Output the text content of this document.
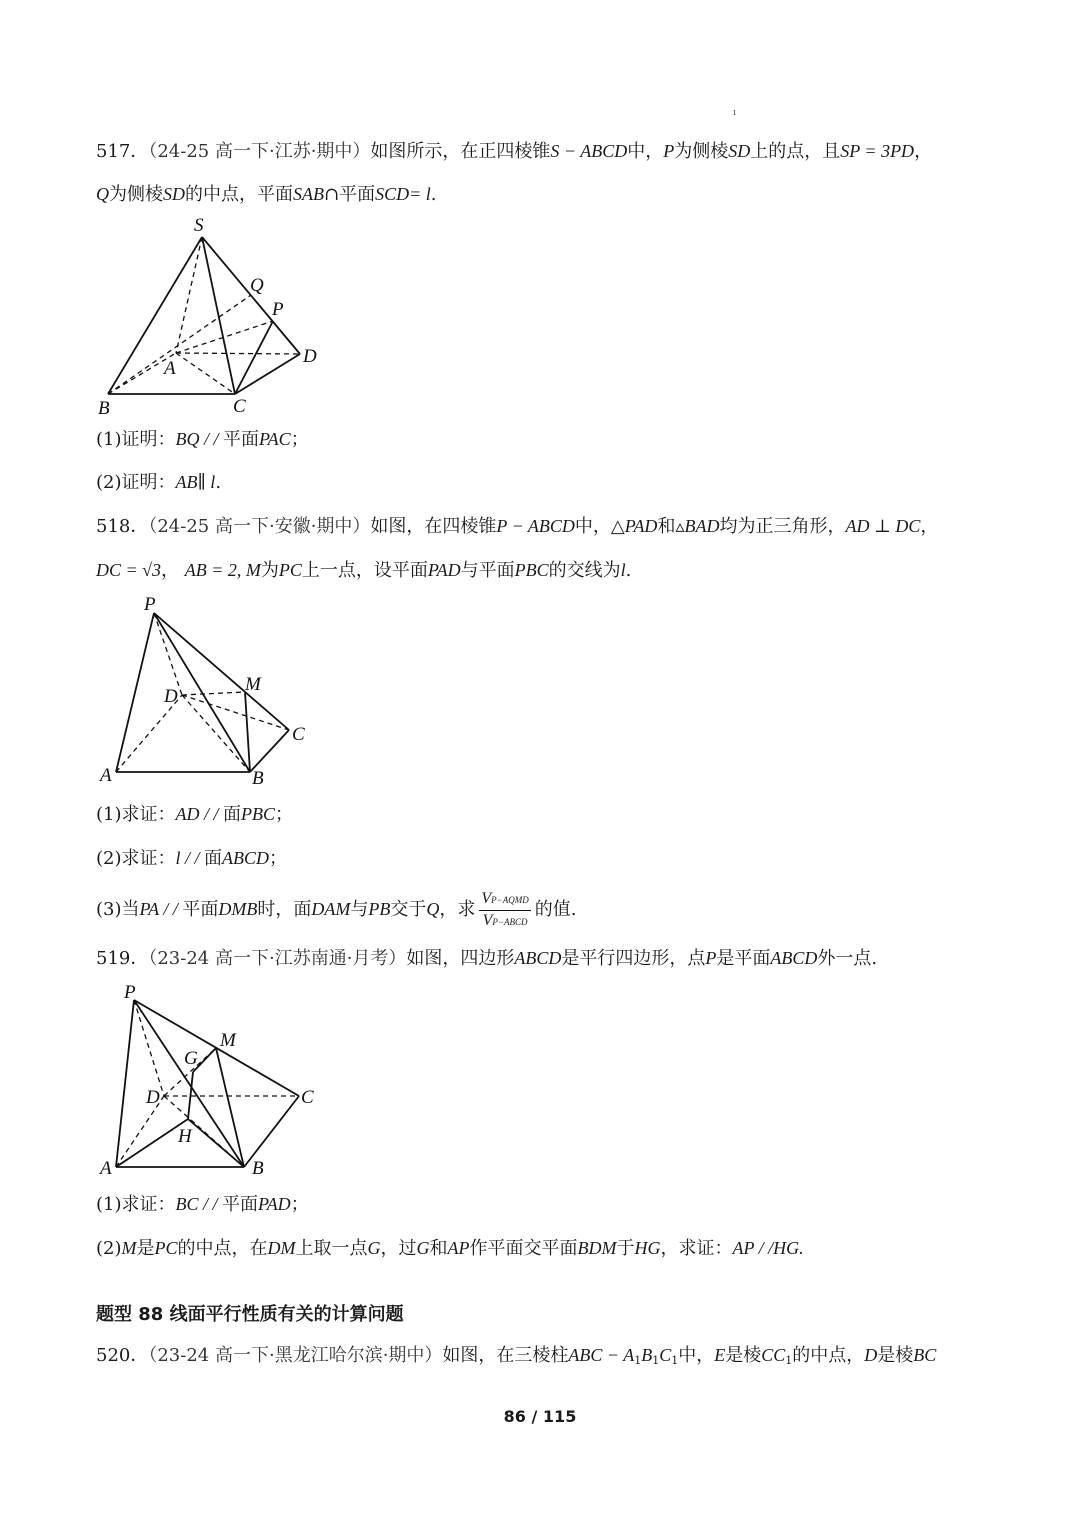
ı
517．（24-25 高一下·江苏·期中）如图所示，在正四棱锥S − ABCD中，P为侧棱SD上的点，且SP = 3PD，
Q为侧棱SD的中点，平面SAB∩平面SCD= l.
S
Q
P
D
A
B	C
(1)证明：BQ / / 平面PAC；
(2)证明：AB∥ l.
518．（24-25 高一下·安徽·期中）如图，在四棱锥P − ABCD中，△PAD和▵BAD均为正三角形，AD ⊥ DC，
DC = √3， AB = 2, M为PC上一点，设平面PAD与平面PBC的交线为l.
P
D
M
C
A	B
(1)求证：AD / / 面PBC；
(2)求证：l / / 面ABCD；
(3)当PA / / 平面DMB时，面DAM与PB交于Q，求 $\frac{\text{VP−AQMD}}{\text{VP−ABCD}}$ 的值.
519．（23-24 高一下·江苏南通·月考）如图，四边形ABCD是平行四边形，点P是平面ABCD外一点.
P
M
G
D	C
H
A	B
(1)求证：BC / / 平面PAD；
(2)M是PC的中点，在DM上取一点G，过G和AP作平面交平面BDM于HG，求证：AP / /HG.
题型 88 线面平行性质有关的计算问题
520．（23-24 高一下·黑龙江哈尔滨·期中）如图，在三棱柱ABC − $A_1B_1C_1$中，E是棱$CC_1$的中点，D是棱BC
86 / 115
